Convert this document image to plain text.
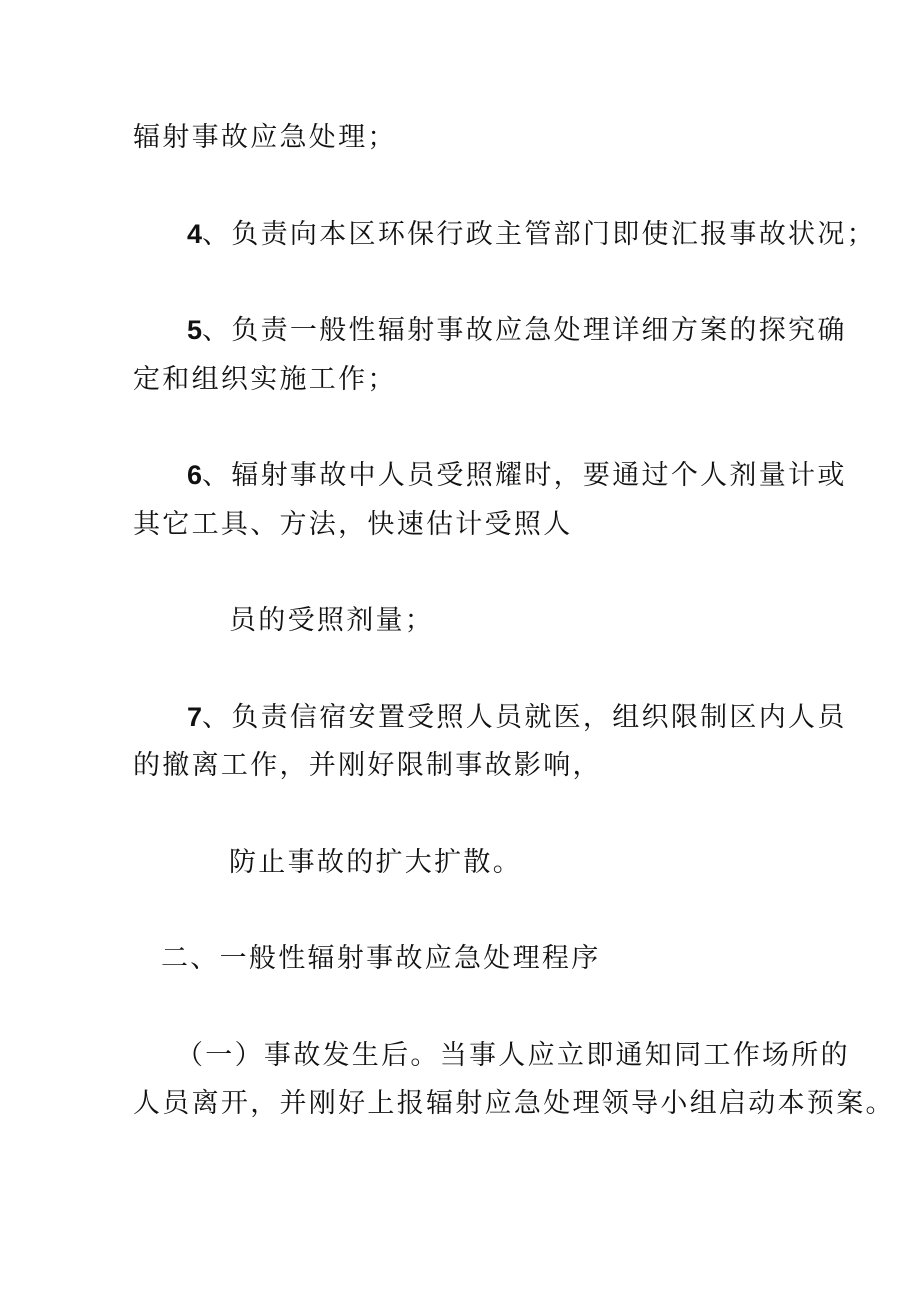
辐射事故应急处理；
4、负责向本区环保行政主管部门即使汇报事故状况；
5、负责一般性辐射事故应急处理详细方案的探究确
定和组织实施工作；
6、辐射事故中人员受照耀时，要通过个人剂量计或
其它工具、方法，快速估计受照人
员的受照剂量；
7、负责信宿安置受照人员就医，组织限制区内人员
的撤离工作，并刚好限制事故影响，
防止事故的扩大扩散。
二、一般性辐射事故应急处理程序
（一）事故发生后。当事人应立即通知同工作场所的
人员离开，并刚好上报辐射应急处理领导小组启动本预案。
